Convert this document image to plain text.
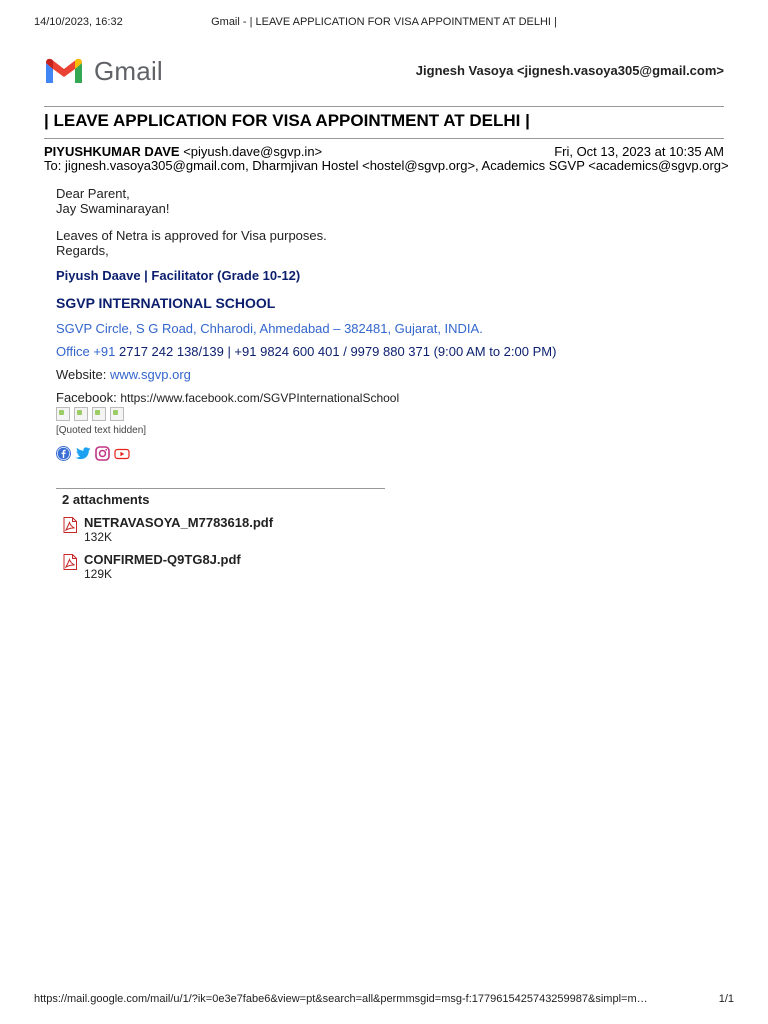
14/10/2023, 16:32	Gmail - | LEAVE APPLICATION FOR VISA APPOINTMENT AT DELHI |
Gmail	Jignesh Vasoya <jignesh.vasoya305@gmail.com>
| LEAVE APPLICATION FOR VISA APPOINTMENT AT DELHI |
PIYUSHKUMAR DAVE <piyush.dave@sgvp.in>	Fri, Oct 13, 2023 at 10:35 AM
To: jignesh.vasoya305@gmail.com, Dharmjivan Hostel <hostel@sgvp.org>, Academics SGVP <academics@sgvp.org>

Dear Parent,

Jay Swaminarayan!

Leaves of Netra is approved for Visa purposes.

Regards,

Piyush Daave | Facilitator (Grade 10-12)
SGVP INTERNATIONAL SCHOOL
SGVP Circle, S G Road, Chharodi, Ahmedabad – 382481, Gujarat, INDIA.
Office +91 2717 242 138/139 | +91 9824 600 401 / 9979 880 371 (9:00 AM to 2:00 PM)
Website: www.sgvp.org
Facebook: https://www.facebook.com/SGVPInternationalSchool
[Quoted text hidden]
2 attachments
NETRAVASOYA_M7783618.pdf
132K
CONFIRMED-Q9TG8J.pdf
129K
https://mail.google.com/mail/u/1/?ik=0e3e7fabe6&view=pt&search=all&permmsgid=msg-f:1779615425743259987&simpl=m…	1/1
